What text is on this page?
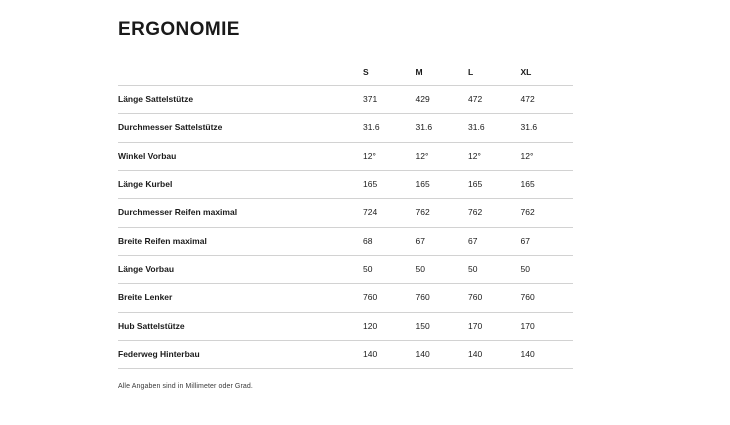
ERGONOMIE
	S	M	L	XL
Länge Sattelstütze	371	429	472	472
Durchmesser Sattelstütze	31.6	31.6	31.6	31.6
Winkel Vorbau	12°	12°	12°	12°
Länge Kurbel	165	165	165	165
Durchmesser Reifen maximal	724	762	762	762
Breite Reifen maximal	68	67	67	67
Länge Vorbau	50	50	50	50
Breite Lenker	760	760	760	760
Hub Sattelstütze	120	150	170	170
Federweg Hinterbau	140	140	140	140
Alle Angaben sind in Millimeter oder Grad.
